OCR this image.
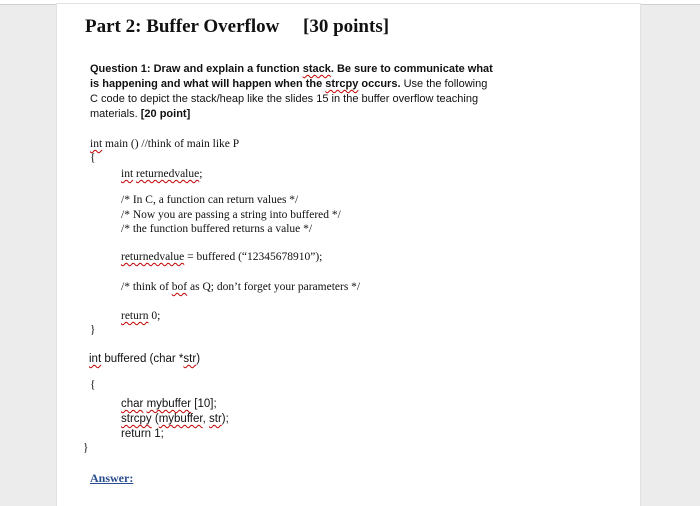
Part 2: Buffer Overflow [30 points]
Question 1: Draw and explain a function stack. Be sure to communicate what
is happening and what will happen when the strcpy occurs. Use the following
C code to depict the stack/heap like the slides 15 in the buffer overflow teaching
materials. [20 point]
int main () //think of main like P
{
int returnedvalue;
/* In C, a function can return values */
/* Now you are passing a string into buffered */
/* the function buffered returns a value */
returnedvalue = buffered (“12345678910”);
/* think of bof as Q; don’t forget your parameters */
return 0;
}
int buffered (char *str)
{
char mybuffer [10];
strcpy (mybuffer, str);
return 1;
}
Answer:
